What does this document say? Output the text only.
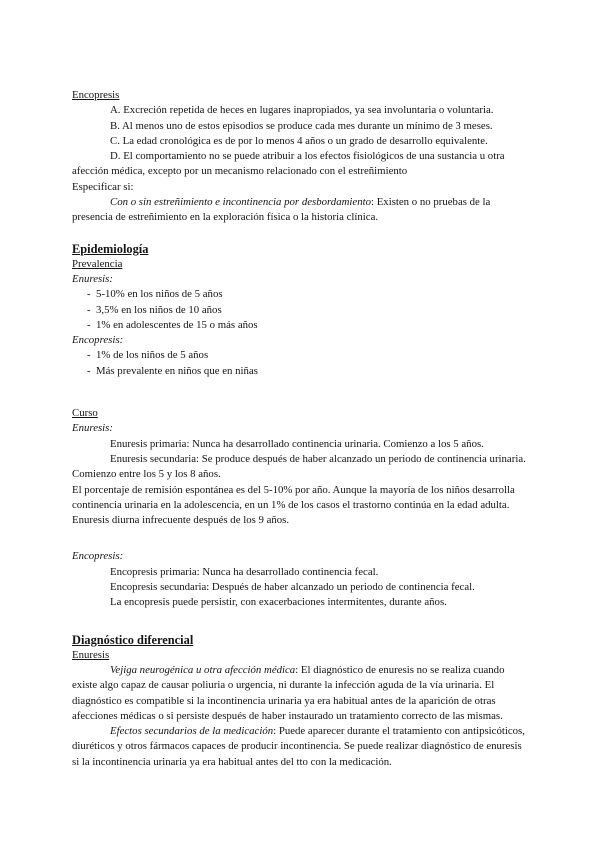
Encopresis

A. Excreción repetida de heces en lugares inapropiados, ya sea involuntaria o voluntaria.

B. Al menos uno de estos episodios se produce cada mes durante un mínimo de 3 meses.

C. La edad cronológica es de por lo menos 4 años o un grado de desarrollo equivalente.

D. El comportamiento no se puede atribuir a los efectos fisiológicos de una sustancia u otra afección médica, excepto por un mecanismo relacionado con el estreñimiento

Especificar si:

Con o sin estreñimiento e incontinencia por desbordamiento: Existen o no pruebas de la presencia de estreñimiento en la exploración física o la historia clínica.

Epidemiología
Prevalencia

Enuresis:

- 5-10% en los niños de 5 años
- 3,5% en los niños de 10 años
- 1% en adolescentes de 15 o más años

Encopresis:

- 1% de los niños de 5 años
- Más prevalente en niños que en niñas
Curso

Enuresis:

Enuresis primaria: Nunca ha desarrollado continencia urinaria. Comienzo a los 5 años.

Enuresis secundaria: Se produce después de haber alcanzado un periodo de continencia urinaria. Comienzo entre los 5 y los 8 años.

El porcentaje de remisión espontánea es del 5-10% por año. Aunque la mayoría de los niños desarrolla continencia urinaria en la adolescencia, en un 1% de los casos el trastorno continúa en la edad adulta. Enuresis diurna infrecuente después de los 9 años.

Encopresis:

Encopresis primaria: Nunca ha desarrollado continencia fecal.

Encopresis secundaria: Después de haber alcanzado un periodo de continencia fecal.

La encopresis puede persistir, con exacerbaciones intermitentes, durante años.

Diagnóstico diferencial
Enuresis

Vejiga neurogénica u otra afección médica: El diagnóstico de enuresis no se realiza cuando existe algo capaz de causar poliuria o urgencia, ni durante la infección aguda de la vía urinaria. El diagnóstico es compatible si la incontinencia urinaria ya era habitual antes de la aparición de otras afecciones médicas o si persiste después de haber instaurado un tratamiento correcto de las mismas.

Efectos secundarios de la medicación: Puede aparecer durante el tratamiento con antipsicóticos, diuréticos y otros fármacos capaces de producir incontinencia. Se puede realizar diagnóstico de enuresis si la incontinencia urinaria ya era habitual antes del tto con la medicación.
